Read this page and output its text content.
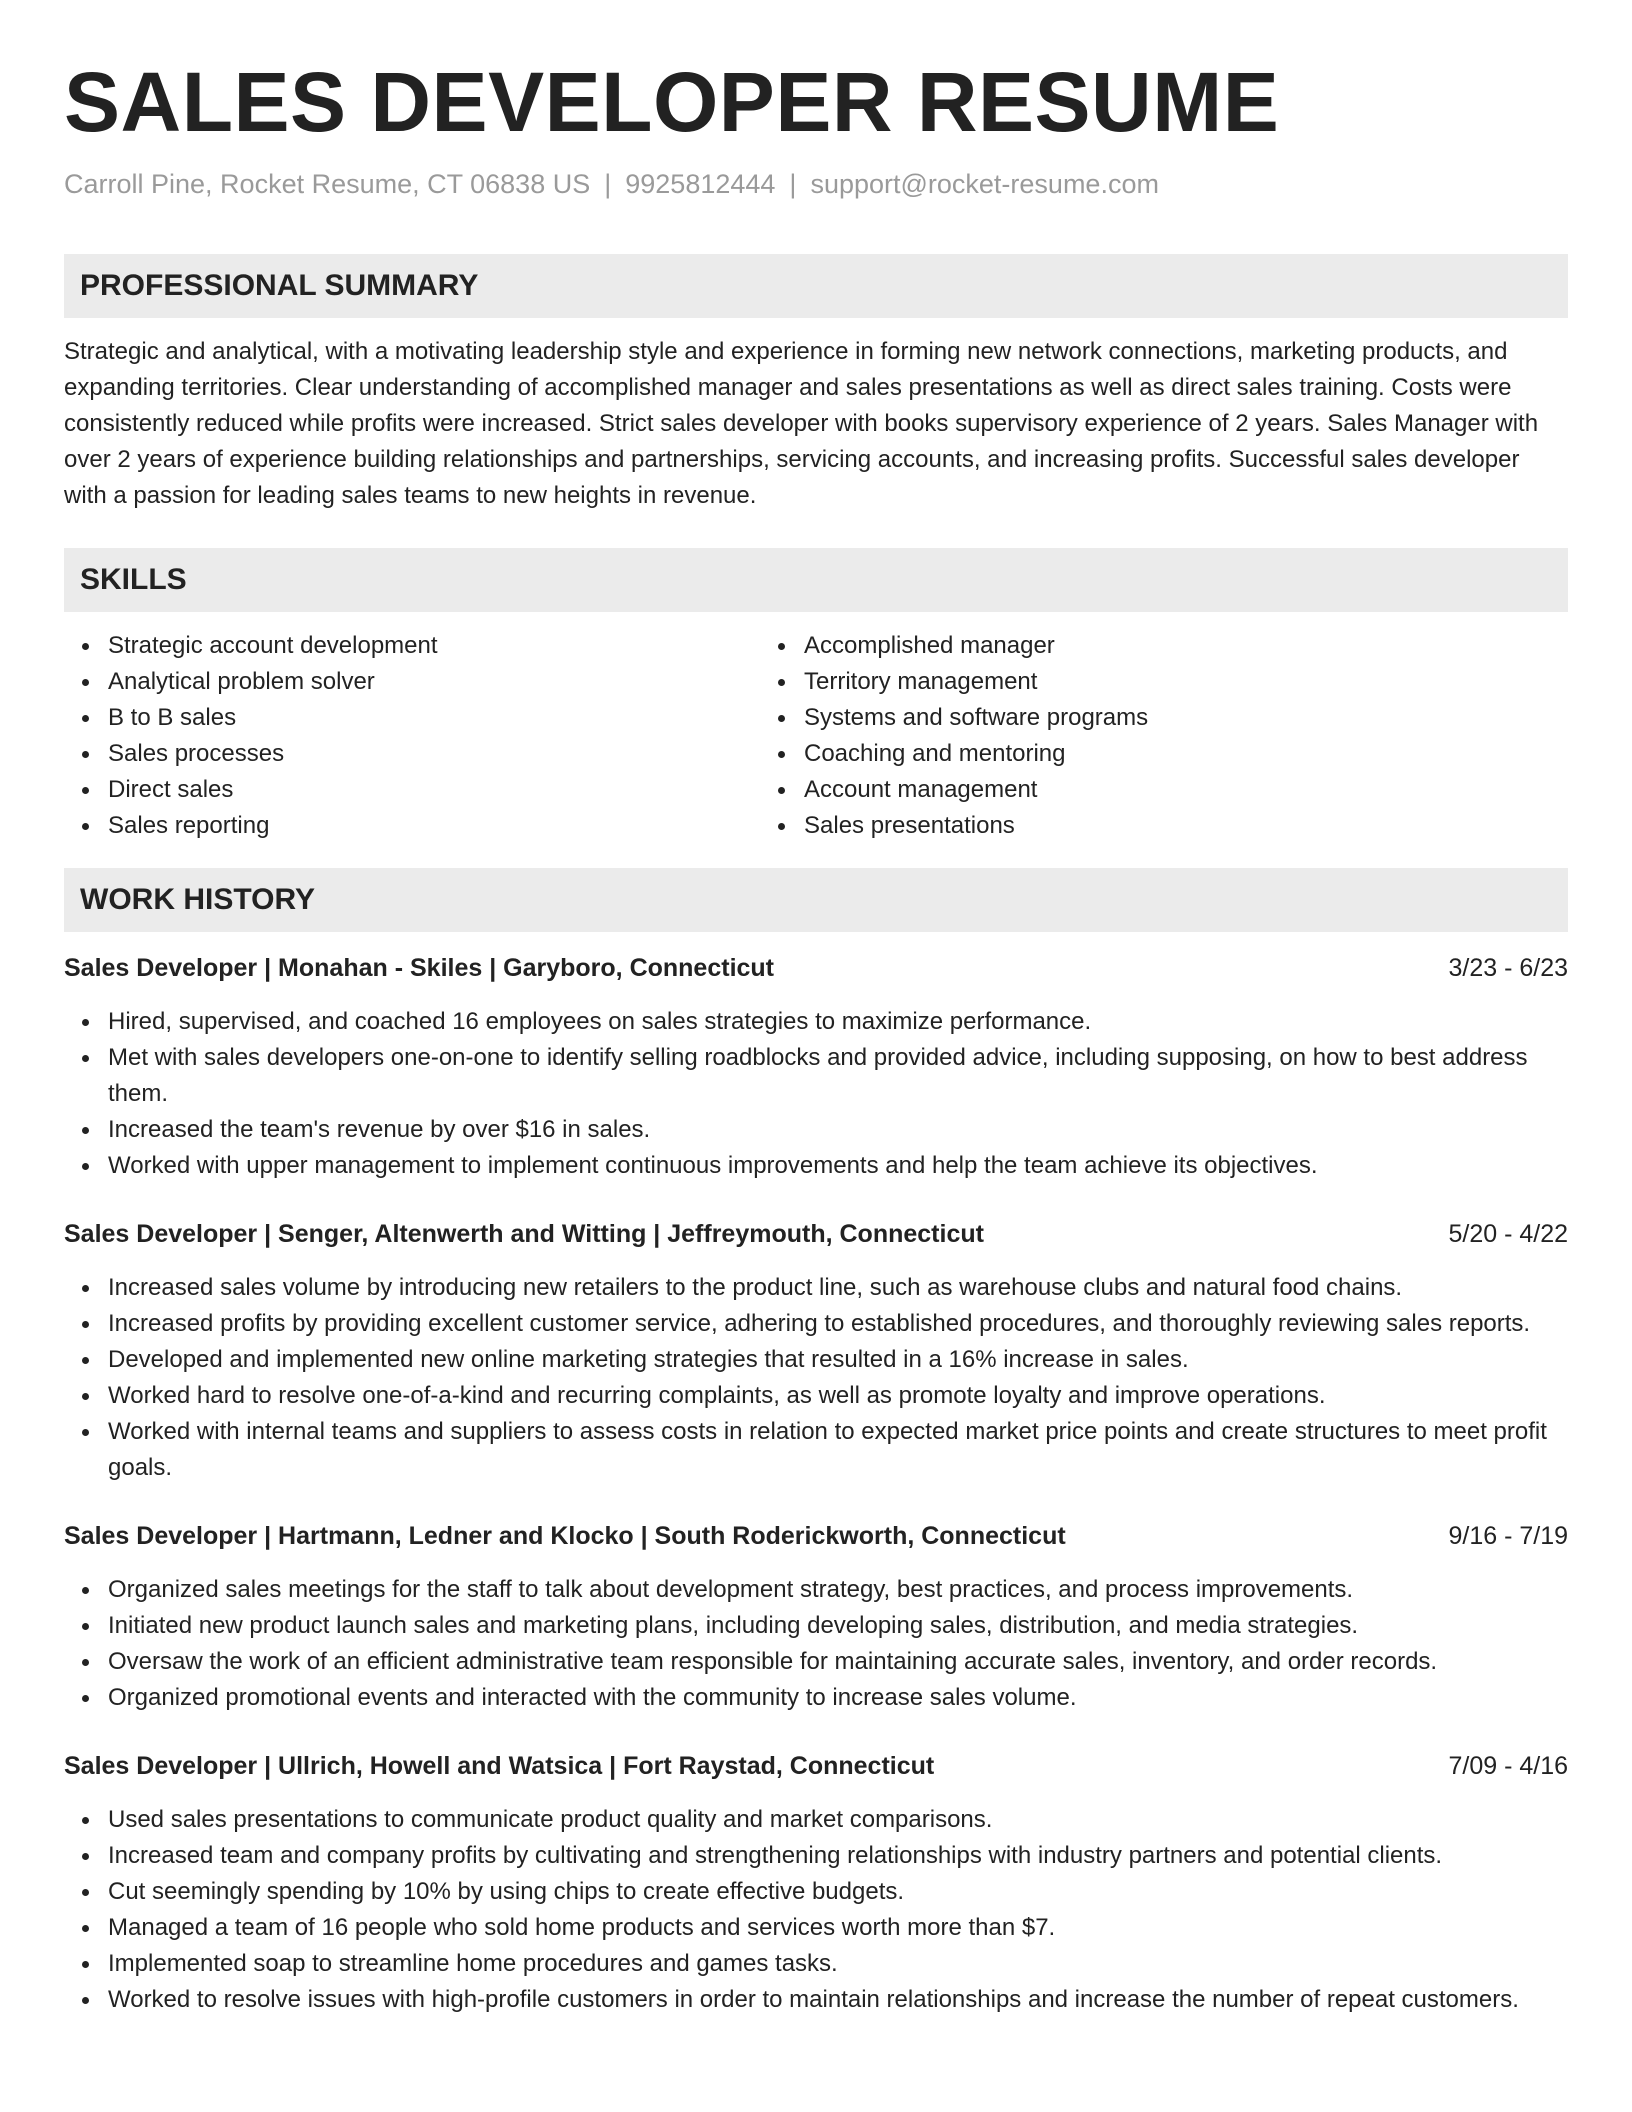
SALES DEVELOPER RESUME
Carroll Pine, Rocket Resume, CT 06838 US | 9925812444 | support@rocket-resume.com
PROFESSIONAL SUMMARY
Strategic and analytical, with a motivating leadership style and experience in forming new network connections, marketing products, and expanding territories. Clear understanding of accomplished manager and sales presentations as well as direct sales training. Costs were consistently reduced while profits were increased. Strict sales developer with books supervisory experience of 2 years. Sales Manager with over 2 years of experience building relationships and partnerships, servicing accounts, and increasing profits. Successful sales developer with a passion for leading sales teams to new heights in revenue.
SKILLS
Strategic account development
Analytical problem solver
B to B sales
Sales processes
Direct sales
Sales reporting
Accomplished manager
Territory management
Systems and software programs
Coaching and mentoring
Account management
Sales presentations
WORK HISTORY
Sales Developer | Monahan - Skiles | Garyboro, Connecticut	3/23 - 6/23
Hired, supervised, and coached 16 employees on sales strategies to maximize performance.
Met with sales developers one-on-one to identify selling roadblocks and provided advice, including supposing, on how to best address them.
Increased the team's revenue by over $16 in sales.
Worked with upper management to implement continuous improvements and help the team achieve its objectives.
Sales Developer | Senger, Altenwerth and Witting | Jeffreymouth, Connecticut	5/20 - 4/22
Increased sales volume by introducing new retailers to the product line, such as warehouse clubs and natural food chains.
Increased profits by providing excellent customer service, adhering to established procedures, and thoroughly reviewing sales reports.
Developed and implemented new online marketing strategies that resulted in a 16% increase in sales.
Worked hard to resolve one-of-a-kind and recurring complaints, as well as promote loyalty and improve operations.
Worked with internal teams and suppliers to assess costs in relation to expected market price points and create structures to meet profit goals.
Sales Developer | Hartmann, Ledner and Klocko | South Roderickworth, Connecticut	9/16 - 7/19
Organized sales meetings for the staff to talk about development strategy, best practices, and process improvements.
Initiated new product launch sales and marketing plans, including developing sales, distribution, and media strategies.
Oversaw the work of an efficient administrative team responsible for maintaining accurate sales, inventory, and order records.
Organized promotional events and interacted with the community to increase sales volume.
Sales Developer | Ullrich, Howell and Watsica | Fort Raystad, Connecticut	7/09 - 4/16
Used sales presentations to communicate product quality and market comparisons.
Increased team and company profits by cultivating and strengthening relationships with industry partners and potential clients.
Cut seemingly spending by 10% by using chips to create effective budgets.
Managed a team of 16 people who sold home products and services worth more than $7.
Implemented soap to streamline home procedures and games tasks.
Worked to resolve issues with high-profile customers in order to maintain relationships and increase the number of repeat customers.
